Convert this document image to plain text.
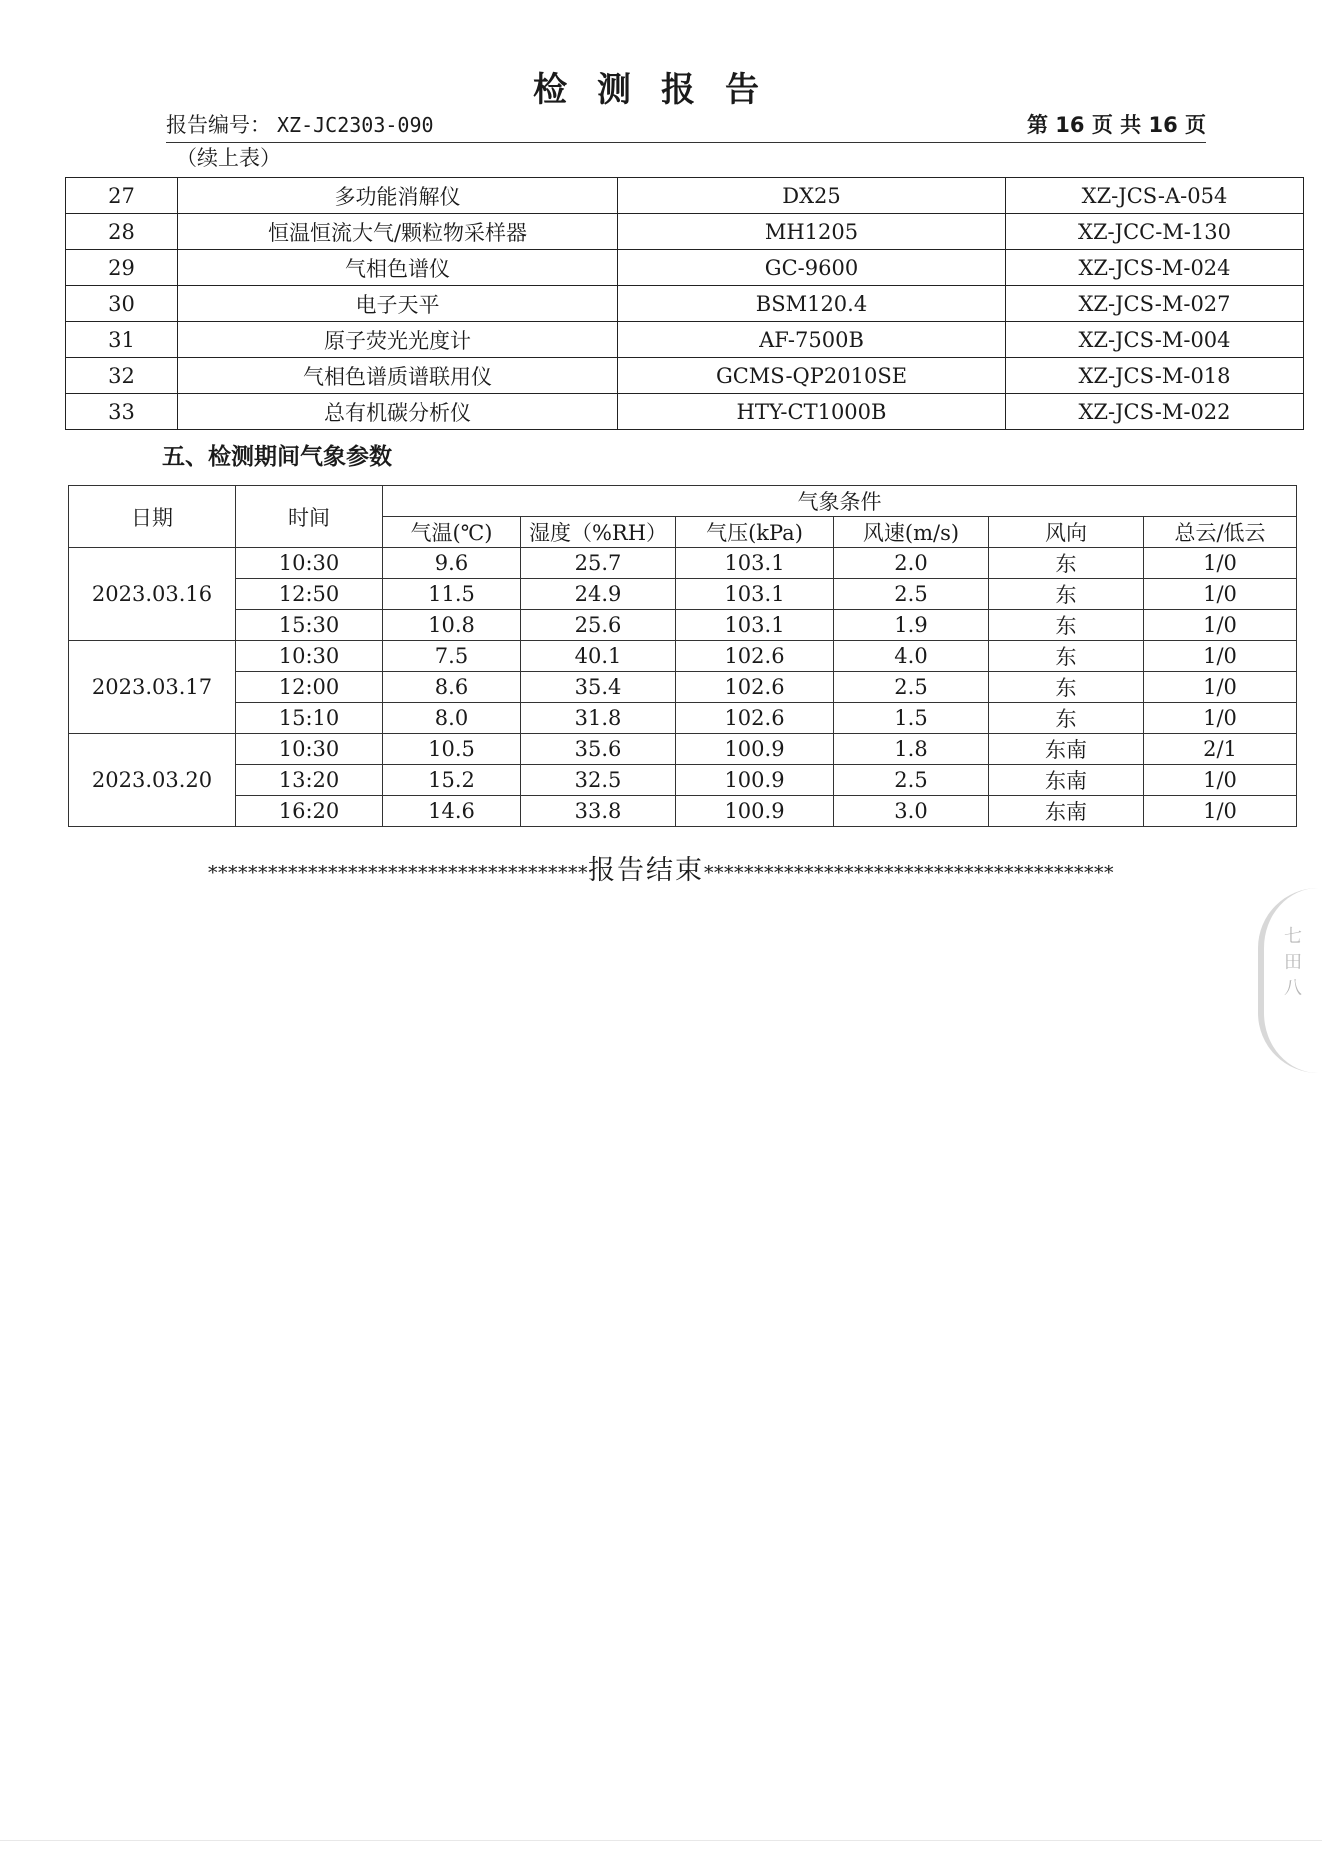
检测报告
报告编号： XZ-JC2303-090	第 16 页 共 16 页
（续上表）
27	多功能消解仪	DX25	XZ-JCS-A-054
28	恒温恒流大气/颗粒物采样器	MH1205	XZ-JCC-M-130
29	气相色谱仪	GC-9600	XZ-JCS-M-024
30	电子天平	BSM120.4	XZ-JCS-M-027
31	原子荧光光度计	AF-7500B	XZ-JCS-M-004
32	气相色谱质谱联用仪	GCMS-QP2010SE	XZ-JCS-M-018
33	总有机碳分析仪	HTY-CT1000B	XZ-JCS-M-022
五、检测期间气象参数
日期	时间	气象条件					
		气温(℃)	湿度（%RH）	气压(kPa)	风速(m/s)	风向	总云/低云
2023.03.16	10:30	9.6	25.7	103.1	2.0	东	1/0
	12:50	11.5	24.9	103.1	2.5	东	1/0
	15:30	10.8	25.6	103.1	1.9	东	1/0
2023.03.17	10:30	7.5	40.1	102.6	4.0	东	1/0
	12:00	8.6	35.4	102.6	2.5	东	1/0
	15:10	8.0	31.8	102.6	1.5	东	1/0
2023.03.20	10:30	10.5	35.6	100.9	1.8	东南	2/1
	13:20	15.2	32.5	100.9	2.5	东南	1/0
	16:20	14.6	33.8	100.9	3.0	东南	1/0
**************************************报告结束*****************************************
七田八
